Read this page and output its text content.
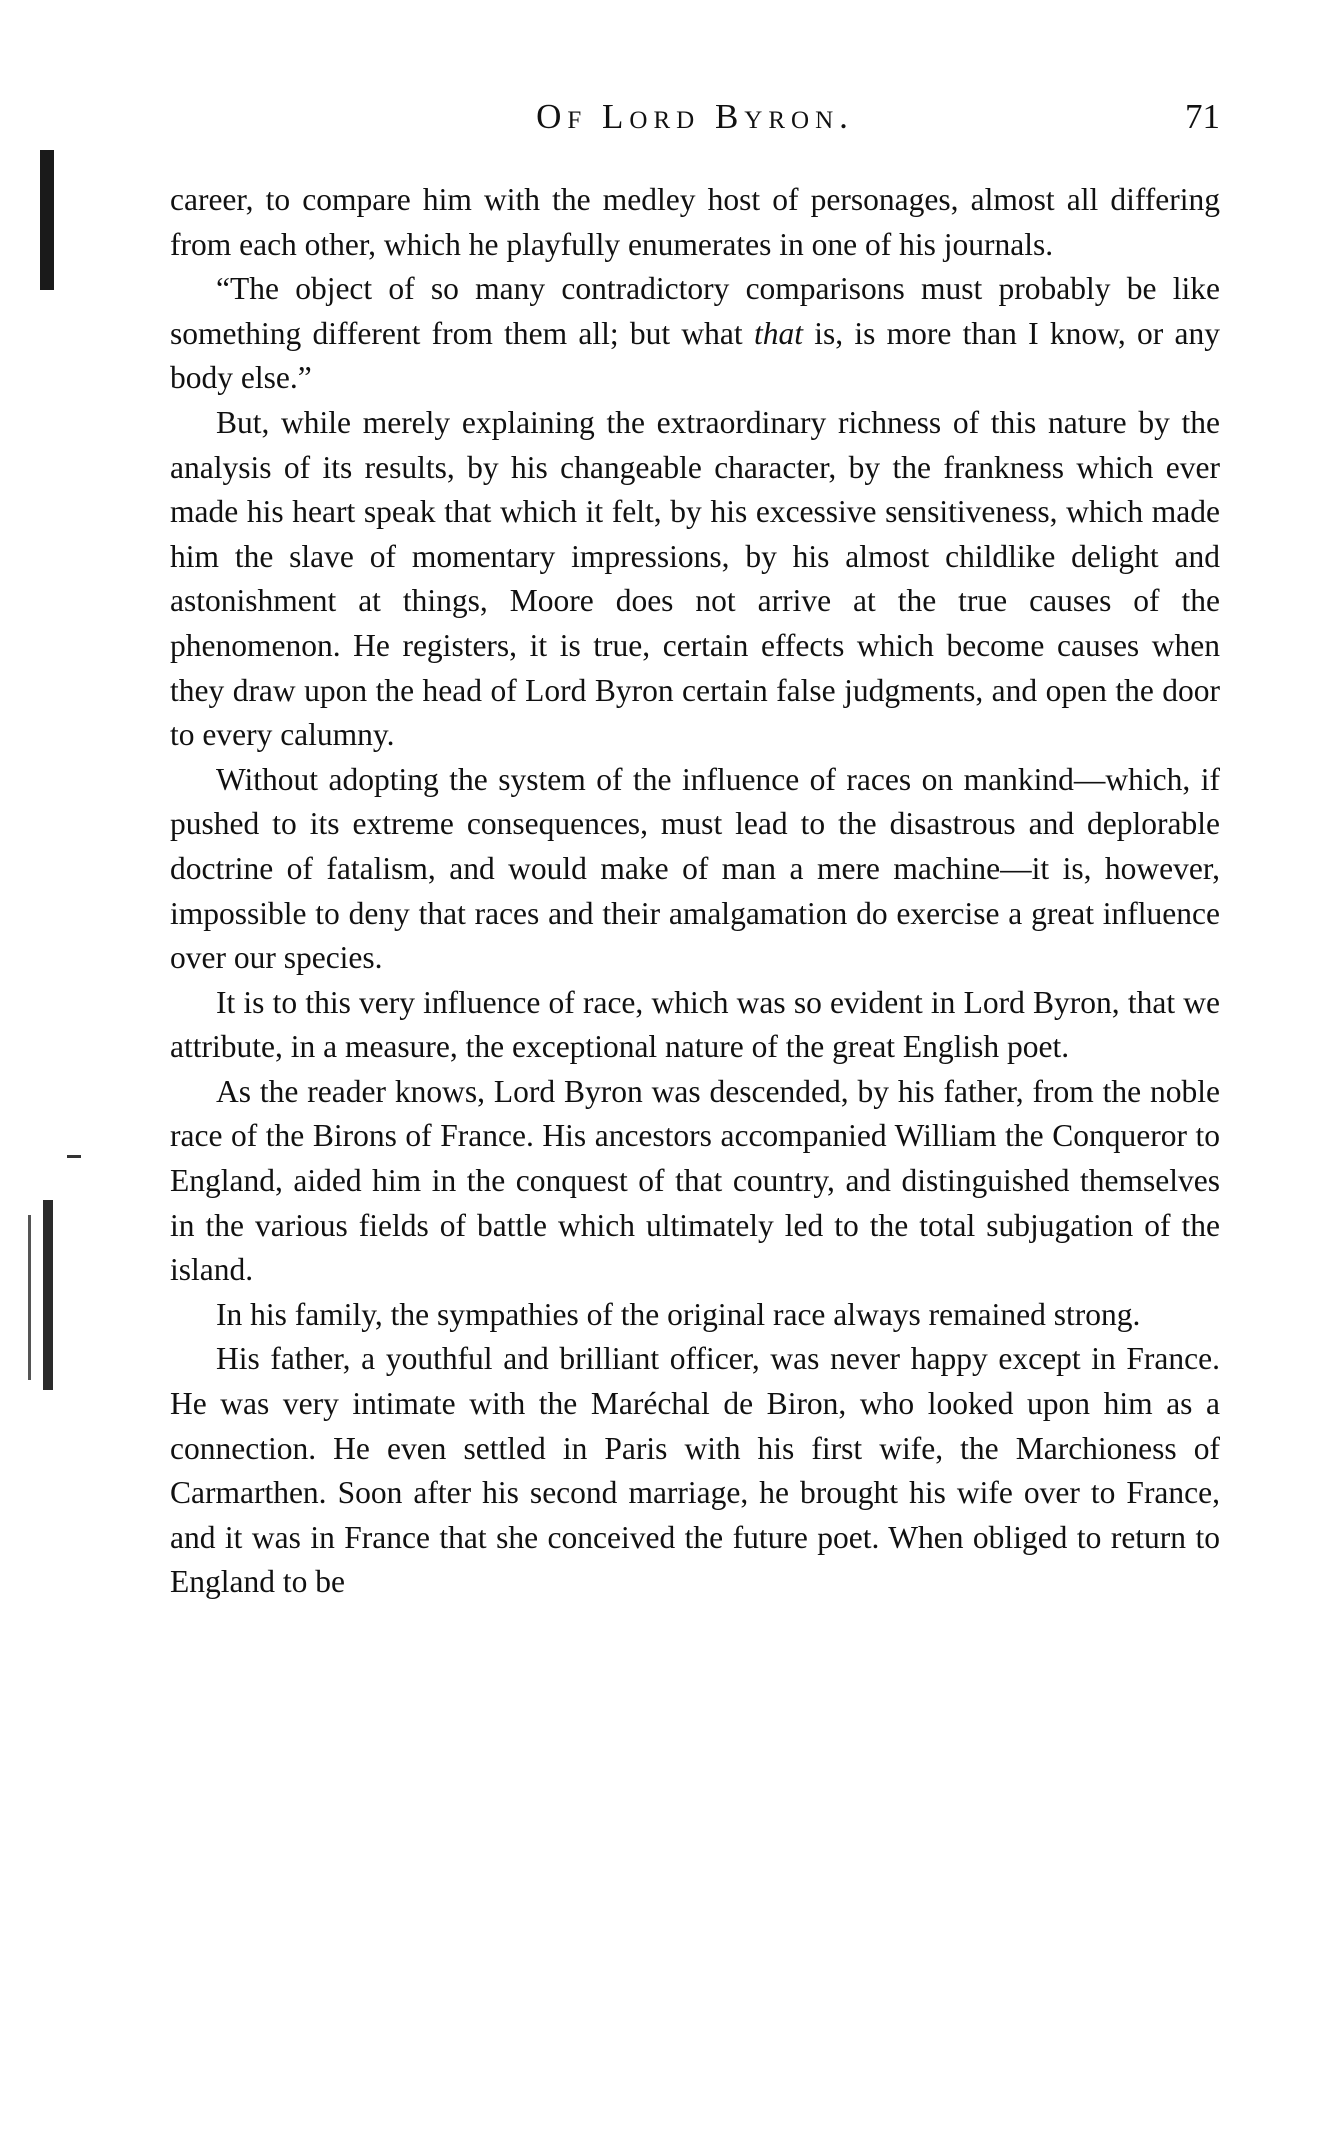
Of Lord Byron.	71

career, to compare him with the medley host of personages, almost all differing from each other, which he playfully enumerates in one of his journals.

“The object of so many contradictory comparisons must probably be like something different from them all; but what that is, is more than I know, or any body else.”

But, while merely explaining the extraordinary richness of this nature by the analysis of its results, by his changeable character, by the frankness which ever made his heart speak that which it felt, by his excessive sensitiveness, which made him the slave of momentary impressions, by his almost childlike delight and astonishment at things, Moore does not arrive at the true causes of the phenomenon. He registers, it is true, certain effects which become causes when they draw upon the head of Lord Byron certain false judgments, and open the door to every calumny.

Without adopting the system of the influence of races on mankind—which, if pushed to its extreme consequences, must lead to the disastrous and deplorable doctrine of fatalism, and would make of man a mere machine—it is, however, impossible to deny that races and their amalgamation do exercise a great influence over our species.

It is to this very influence of race, which was so evident in Lord Byron, that we attribute, in a measure, the exceptional nature of the great English poet.

As the reader knows, Lord Byron was descended, by his father, from the noble race of the Birons of France. His ancestors accompanied William the Conqueror to England, aided him in the conquest of that country, and distinguished themselves in the various fields of battle which ultimately led to the total subjugation of the island.

In his family, the sympathies of the original race always remained strong.

His father, a youthful and brilliant officer, was never happy except in France. He was very intimate with the Maréchal de Biron, who looked upon him as a connection. He even settled in Paris with his first wife, the Marchioness of Carmarthen. Soon after his second marriage, he brought his wife over to France, and it was in France that she conceived the future poet. When obliged to return to England to be
